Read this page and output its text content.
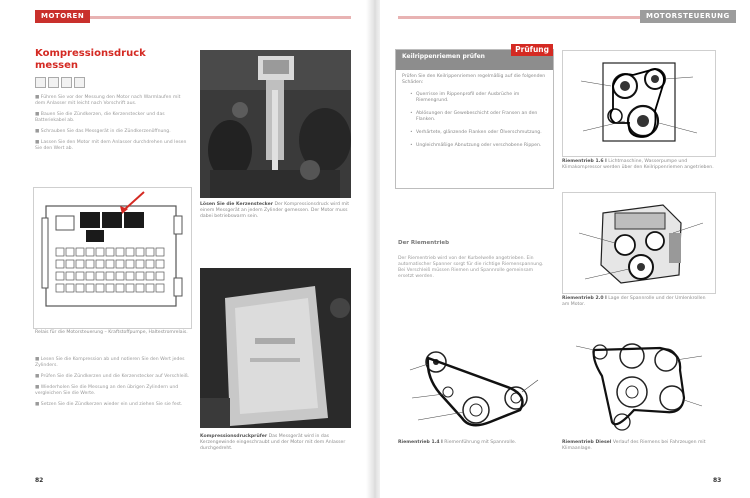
MOTOREN
Kompressionsdruck messen

■ Führen Sie vor der Messung den Motor nach Warmlaufen mit dem Anlasser mit leicht nach Vorschrift aus.

■ Bauen Sie die Zündkerzen, die Kerzenstecker und das Batteriekabel ab.

■ Schrauben Sie das Messgerät in die Zündkerzenöffnung.

■ Lassen Sie den Motor mit dem Anlasser durchdrehen und lesen Sie den Wert ab.

Relais für die Motorsteuerung – Kraftstoffpumpe, Haltestromrelais.

■ Lesen Sie die Kompression ab und notieren Sie den Wert jedes Zylinders.

■ Prüfen Sie die Zündkerzen und die Kerzenstecker auf Verschleiß.

■ Wiederholen Sie die Messung an den übrigen Zylindern und vergleichen Sie die Werte.

■ Setzen Sie die Zündkerzen wieder ein und ziehen Sie sie fest.

Lösen Sie die Kerzenstecker Der Kompressionsdruck wird mit einem Messgerät an jedem Zylinder gemessen. Der Motor muss dabei betriebswarm sein.
Kompressionsdruckprüfer Das Messgerät wird in das Kerzengewinde eingeschraubt und der Motor mit dem Anlasser durchgedreht.
82
MOTORSTEUERUNG
83
Keilrippenriemen prüfen
Prüfung
Prüfen Sie den Keilrippenriemen regelmäßig auf die folgenden Schäden:
• Querrisse im Rippenprofil oder Ausbrüche im Riemengrund.
• Ablösungen der Gewebeschicht oder Fransen an den Flanken.
• Verhärtete, glänzende Flanken oder Ölverschmutzung.
• Ungleichmäßige Abnutzung oder verschobene Rippen.
Der Riementrieb
Der Riementrieb wird von der Kurbelwelle angetrieben. Ein automatischer Spanner sorgt für die richtige Riemenspannung. Bei Verschleiß müssen Riemen und Spannrolle gemeinsam ersetzt werden.
Riementrieb 1.4 l Riemenführung mit Spannrolle.
Riementrieb 1.6 l Lichtmaschine, Wasserpumpe und Klimakompressor werden über den Keilrippenriemen angetrieben.
Riementrieb 2.0 l Lage der Spannrolle und der Umlenkrollen am Motor.
Riementrieb Diesel Verlauf des Riemens bei Fahrzeugen mit Klimaanlage.
